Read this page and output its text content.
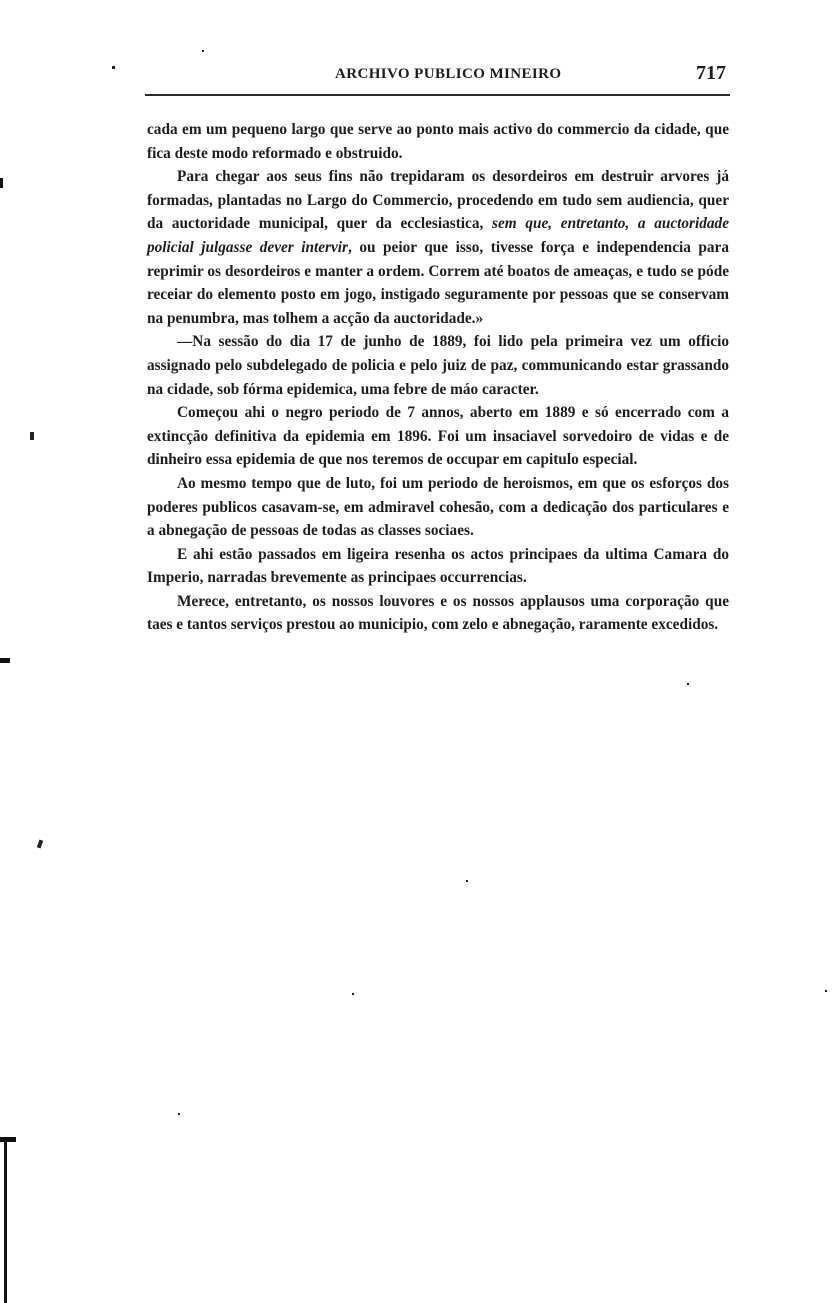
ARCHIVO PUBLICO MINEIRO	717

cada em um pequeno largo que serve ao ponto mais activo do commercio da cidade, que fica deste modo reformado e obstruido.

Para chegar aos seus fins não trepidaram os desordeiros em destruir arvores já formadas, plantadas no Largo do Commercio, procedendo em tudo sem audiencia, quer da auctoridade municipal, quer da ecclesiastica, sem que, entretanto, a auctoridade policial julgasse dever intervir, ou peior que isso, tivesse força e independencia para reprimir os desordeiros e manter a ordem. Correm até boatos de ameaças, e tudo se póde receiar do elemento posto em jogo, instigado seguramente por pessoas que se conservam na penumbra, mas tolhem a acção da auctoridade.»

—Na sessão do dia 17 de junho de 1889, foi lido pela primeira vez um officio assignado pelo subdelegado de policia e pelo juiz de paz, communicando estar grassando na cidade, sob fórma epidemica, uma febre de máo caracter.

Começou ahi o negro periodo de 7 annos, aberto em 1889 e só encerrado com a extincção definitiva da epidemia em 1896. Foi um insaciavel sorvedoiro de vidas e de dinheiro essa epidemia de que nos teremos de occupar em capitulo especial.

Ao mesmo tempo que de luto, foi um periodo de heroismos, em que os esforços dos poderes publicos casavam-se, em admiravel cohesão, com a dedicação dos particulares e a abnegação de pessoas de todas as classes sociaes.

E ahi estão passados em ligeira resenha os actos principaes da ultima Camara do Imperio, narradas brevemente as principaes occurrencias.

Merece, entretanto, os nossos louvores e os nossos applausos uma corporação que taes e tantos serviços prestou ao municipio, com zelo e abnegação, raramente excedidos.
